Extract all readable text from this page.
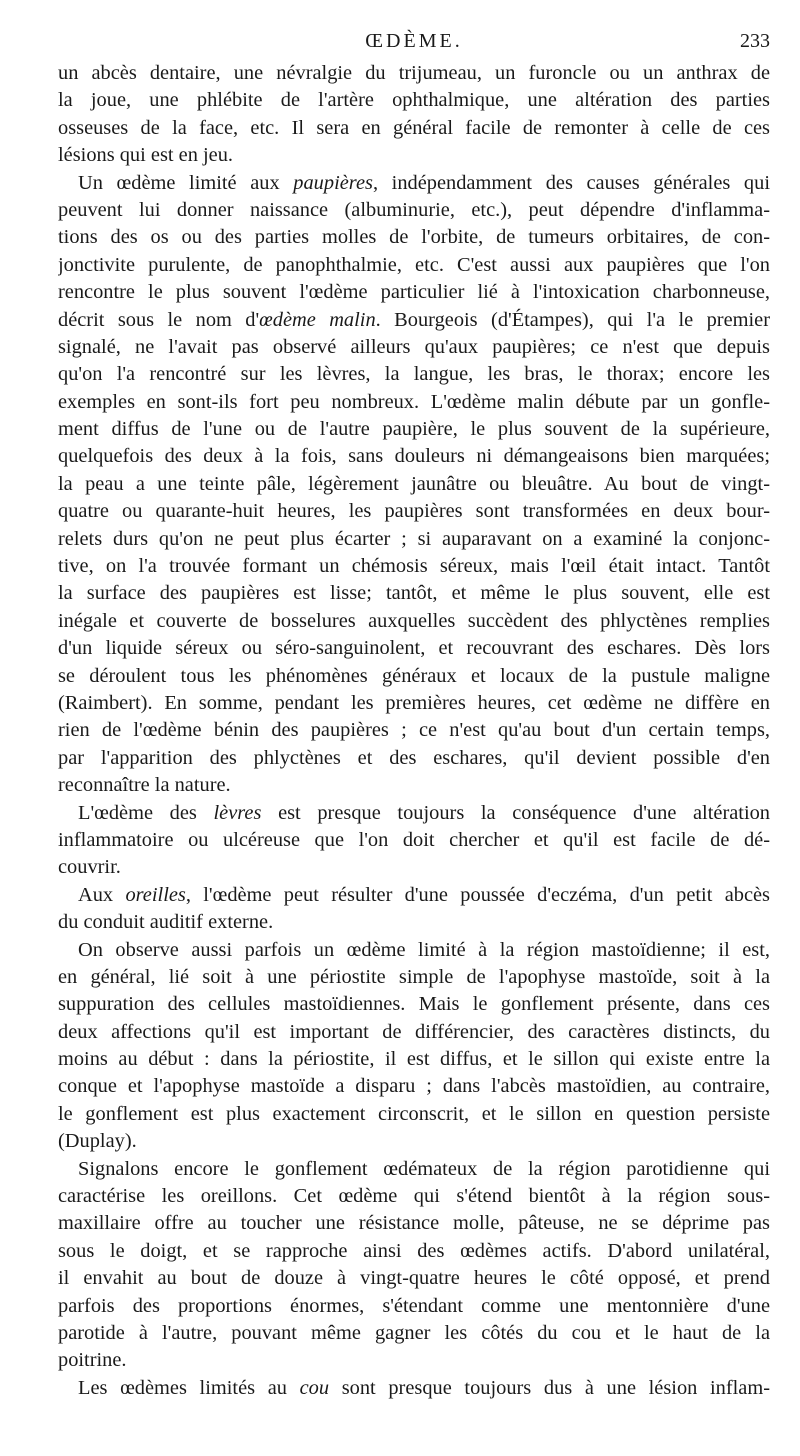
ŒDÈME.	233
un abcès dentaire, une névralgie du trijumeau, un furoncle ou un anthrax de
la joue, une phlébite de l'artère ophthalmique, une altération des parties
osseuses de la face, etc. Il sera en général facile de remonter à celle de ces
lésions qui est en jeu.
Un œdème limité aux paupières, indépendamment des causes générales qui
peuvent lui donner naissance (albuminurie, etc.), peut dépendre d'inflamma-
tions des os ou des parties molles de l'orbite, de tumeurs orbitaires, de con-
jonctivite purulente, de panophthalmie, etc. C'est aussi aux paupières que l'on
rencontre le plus souvent l'œdème particulier lié à l'intoxication charbonneuse,
décrit sous le nom d'œdème malin. Bourgeois (d'Étampes), qui l'a le premier
signalé, ne l'avait pas observé ailleurs qu'aux paupières; ce n'est que depuis
qu'on l'a rencontré sur les lèvres, la langue, les bras, le thorax; encore les
exemples en sont-ils fort peu nombreux. L'œdème malin débute par un gonfle-
ment diffus de l'une ou de l'autre paupière, le plus souvent de la supérieure,
quelquefois des deux à la fois, sans douleurs ni démangeaisons bien marquées;
la peau a une teinte pâle, légèrement jaunâtre ou bleuâtre. Au bout de vingt-
quatre ou quarante-huit heures, les paupières sont transformées en deux bour-
relets durs qu'on ne peut plus écarter ; si auparavant on a examiné la conjonc-
tive, on l'a trouvée formant un chémosis séreux, mais l'œil était intact. Tantôt
la surface des paupières est lisse; tantôt, et même le plus souvent, elle est
inégale et couverte de bosselures auxquelles succèdent des phlyctènes remplies
d'un liquide séreux ou séro-sanguinolent, et recouvrant des eschares. Dès lors
se déroulent tous les phénomènes généraux et locaux de la pustule maligne
(Raimbert). En somme, pendant les premières heures, cet œdème ne diffère en
rien de l'œdème bénin des paupières ; ce n'est qu'au bout d'un certain temps,
par l'apparition des phlyctènes et des eschares, qu'il devient possible d'en
reconnaître la nature.
L'œdème des lèvres est presque toujours la conséquence d'une altération
inflammatoire ou ulcéreuse que l'on doit chercher et qu'il est facile de dé-
couvrir.
Aux oreilles, l'œdème peut résulter d'une poussée d'eczéma, d'un petit abcès
du conduit auditif externe.
On observe aussi parfois un œdème limité à la région mastoïdienne; il est,
en général, lié soit à une périostite simple de l'apophyse mastoïde, soit à la
suppuration des cellules mastoïdiennes. Mais le gonflement présente, dans ces
deux affections qu'il est important de différencier, des caractères distincts, du
moins au début : dans la périostite, il est diffus, et le sillon qui existe entre la
conque et l'apophyse mastoïde a disparu ; dans l'abcès mastoïdien, au contraire,
le gonflement est plus exactement circonscrit, et le sillon en question persiste
(Duplay).
Signalons encore le gonflement œdémateux de la région parotidienne qui
caractérise les oreillons. Cet œdème qui s'étend bientôt à la région sous-
maxillaire offre au toucher une résistance molle, pâteuse, ne se déprime pas
sous le doigt, et se rapproche ainsi des œdèmes actifs. D'abord unilatéral,
il envahit au bout de douze à vingt-quatre heures le côté opposé, et prend
parfois des proportions énormes, s'étendant comme une mentonnière d'une
parotide à l'autre, pouvant même gagner les côtés du cou et le haut de la
poitrine.
Les œdèmes limités au cou sont presque toujours dus à une lésion inflam-
